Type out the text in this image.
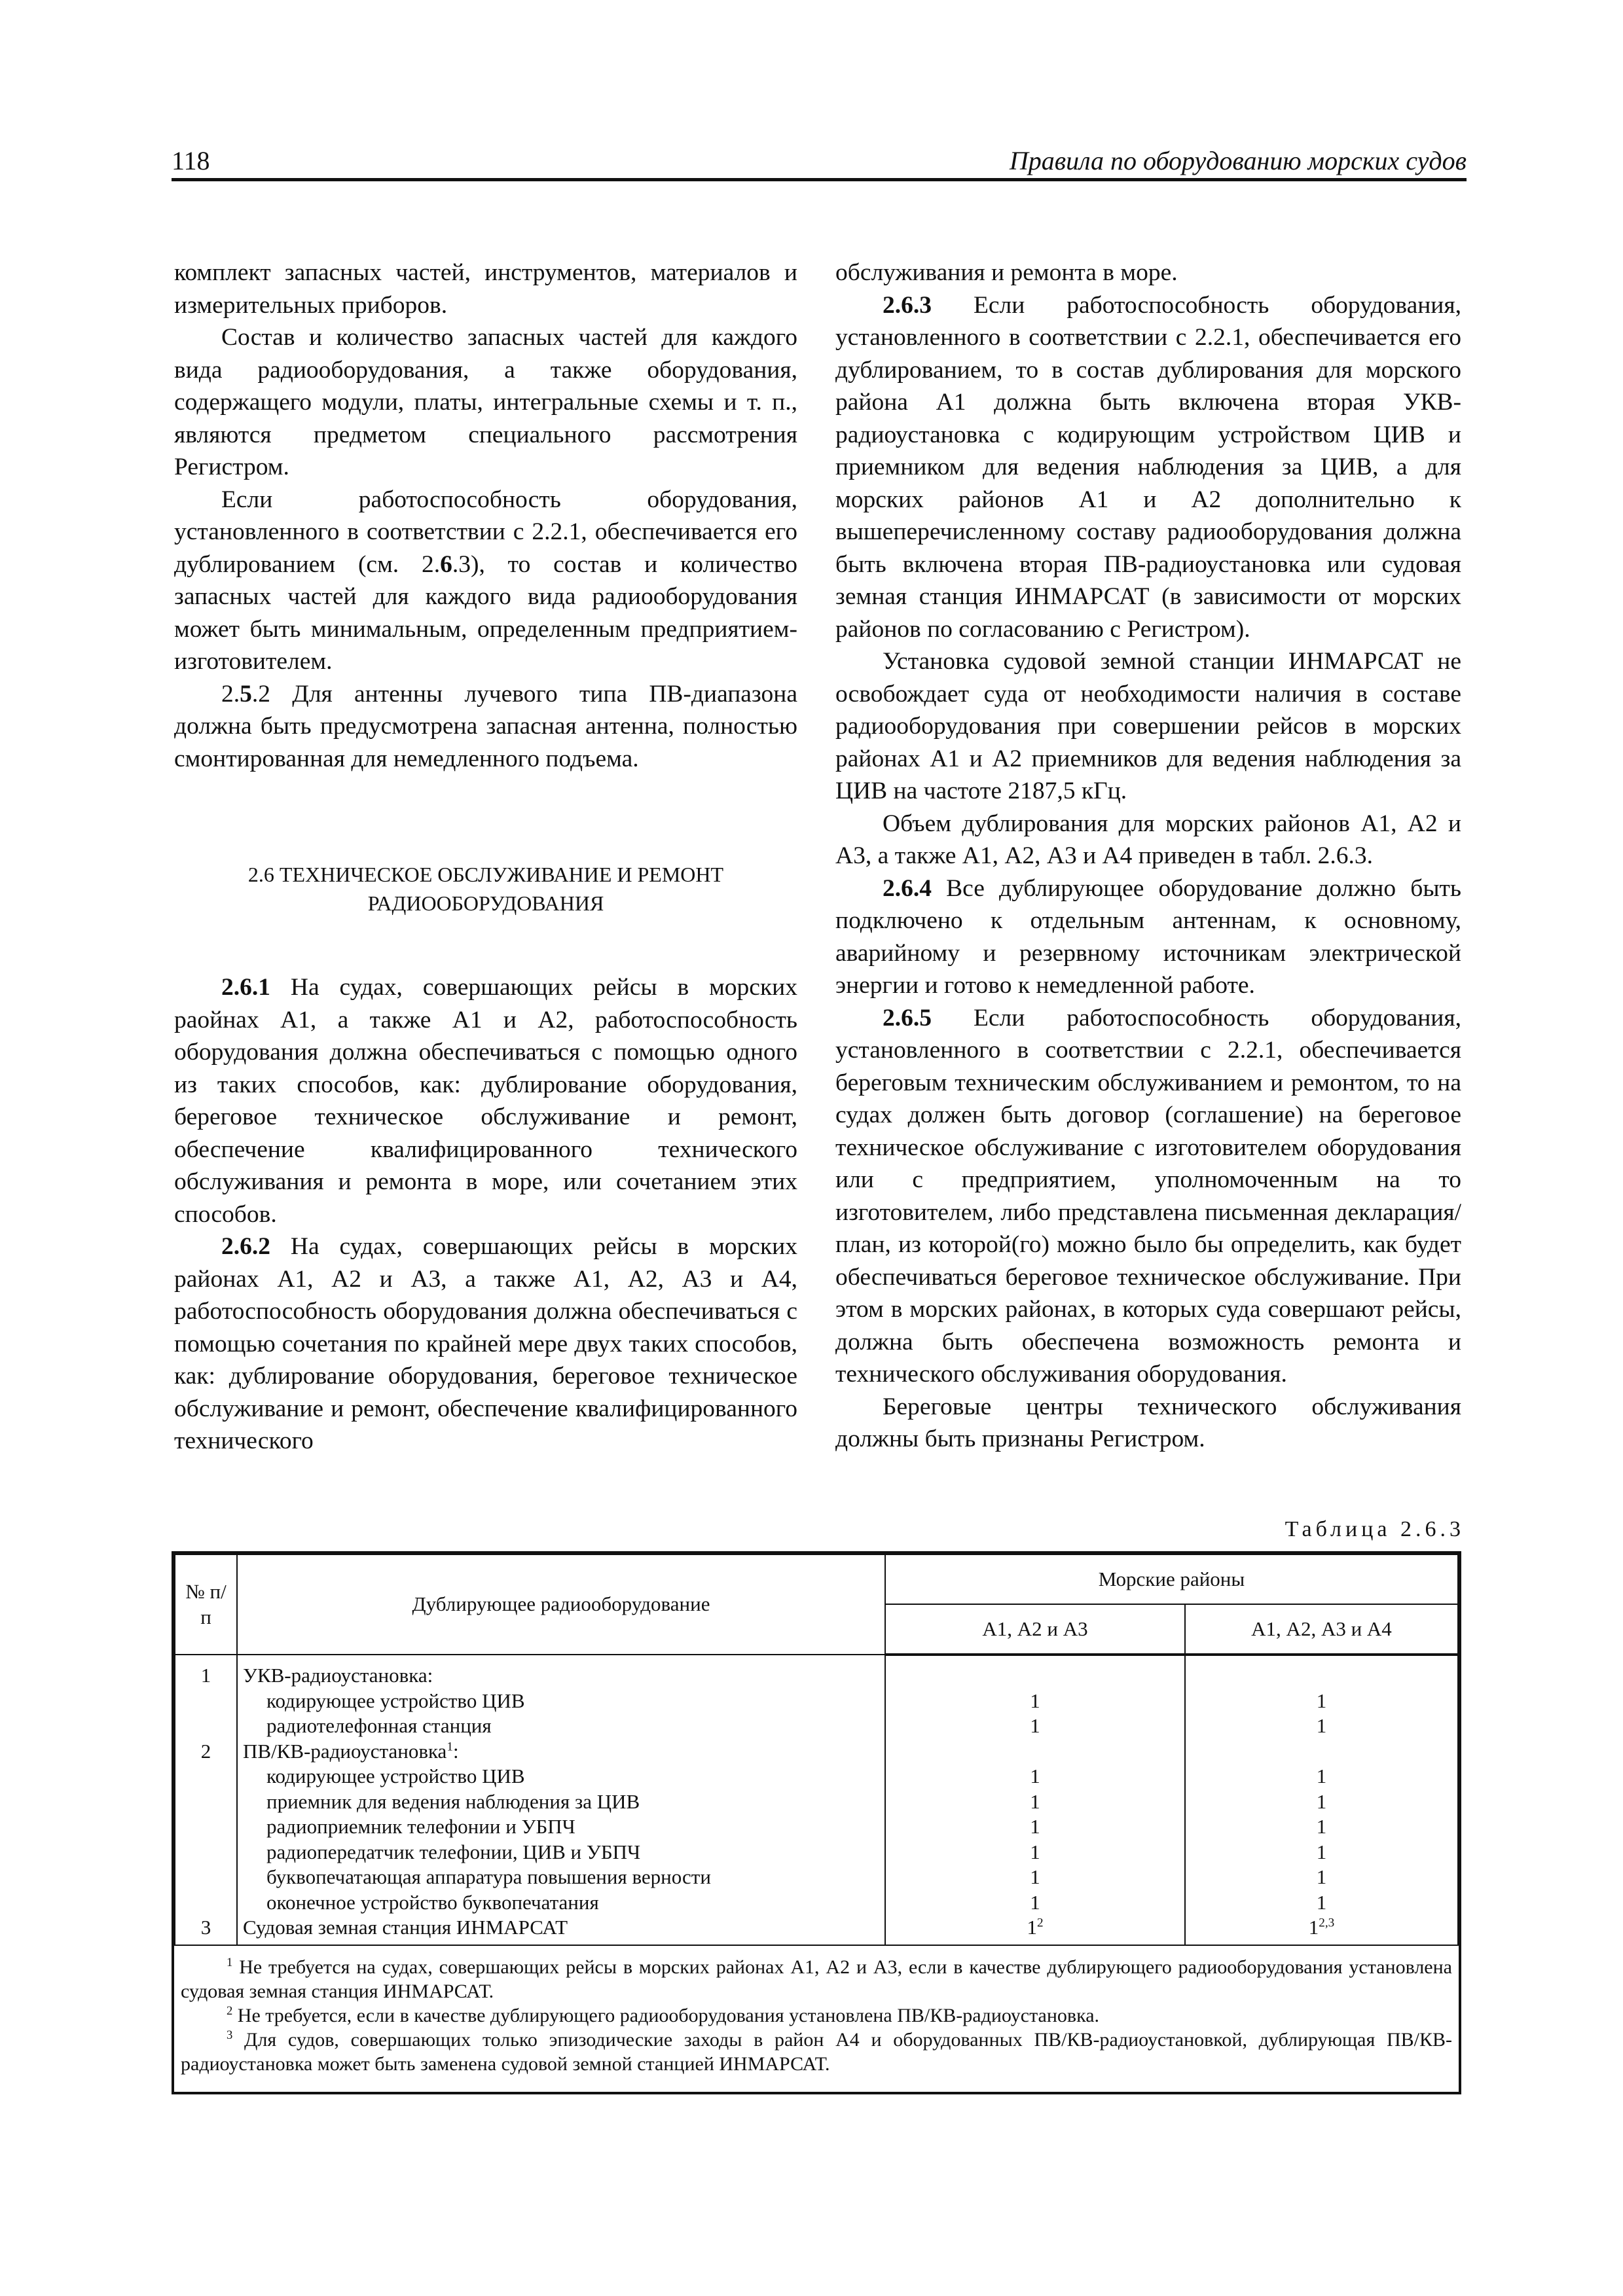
118	Правила по оборудованию морских судов

комплект запасных частей, инструментов, материалов и измерительных приборов.

Состав и количество запасных частей для каждого вида радиооборудования, а также оборудования, содержащего модули, платы, интегральные схемы и т. п., являются предметом специального рассмотрения Регистром.

Если работоспособность оборудования, установленного в соответствии с 2.2.1, обеспечивается его дублированием (см. 2.6.3), то состав и количество запасных частей для каждого вида радиооборудования может быть минимальным, определенным предприятием-изготовителем.

2.5.2 Для антенны лучевого типа ПВ-диапазона должна быть предусмотрена запасная антенна, полностью смонтированная для немедленного подъема.

2.6 ТЕХНИЧЕСКОЕ ОБСЛУЖИВАНИЕ И РЕМОНТ
РАДИООБОРУДОВАНИЯ

2.6.1 На судах, совершающих рейсы в морских раойнах А1, а также А1 и А2, работоспособность оборудования должна обеспечиваться с помощью одного из таких способов, как: дублирование оборудования, береговое техническое обслуживание и ремонт, обеспечение квалифицированного технического обслуживания и ремонта в море, или сочетанием этих способов.

2.6.2 На судах, совершающих рейсы в морских районах А1, А2 и А3, а также А1, А2, А3 и А4, работоспособность оборудования должна обеспечиваться с помощью сочетания по крайней мере двух таких способов, как: дублирование оборудования, береговое техническое обслуживание и ремонт, обеспечение квалифицированного технического

обслуживания и ремонта в море.

2.6.3 Если работоспособность оборудования, установленного в соответствии с 2.2.1, обеспечивается его дублированием, то в состав дублирования для морского района А1 должна быть включена вторая УКВ-радиоустановка с кодирующим устройством ЦИВ и приемником для ведения наблюдения за ЦИВ, а для морских районов А1 и А2 дополнительно к вышеперечисленному составу радиооборудования должна быть включена вторая ПВ-радиоустановка или судовая земная станция ИНМАРСАТ (в зависимости от морских районов по согласованию с Регистром).

Установка судовой земной станции ИНМАРСАТ не освобождает суда от необходимости наличия в составе радиооборудования при совершении рейсов в морских районах А1 и А2 приемников для ведения наблюдения за ЦИВ на частоте 2187,5 кГц.

Объем дублирования для морских районов А1, А2 и А3, а также А1, А2, А3 и А4 приведен в табл. 2.6.3.

2.6.4 Все дублирующее оборудование должно быть подключено к отдельным антеннам, к основному, аварийному и резервному источникам электрической энергии и готово к немедленной работе.

2.6.5 Если работоспособность оборудования, установленного в соответствии с 2.2.1, обеспечивается береговым техническим обслуживанием и ремонтом, то на судах должен быть договор (соглашение) на береговое техническое обслуживание с изготовителем оборудования или с предприятием, уполномоченным на то изготовителем, либо представлена письменная декларация/план, из которой(го) можно было бы определить, как будет обеспечиваться береговое техническое обслуживание. При этом в морских районах, в которых суда совершают рейсы, должна быть обеспечена возможность ремонта и технического обслуживания оборудования.

Береговые центры технического обслуживания должны быть признаны Регистром.

Таблица 2.6.3
№ п/п	Дублирующее радиооборудование	Морские районы	
		А1, А2 и А3	А1, А2, А3 и А4
1	УКВ-радиоустановка:		
	кодирующее устройство ЦИВ	1	1
	радиотелефонная станция	1	1
2	ПВ/КВ-радиоустановка$^1$:		
	кодирующее устройство ЦИВ	1	1
	приемник для ведения наблюдения за ЦИВ	1	1
	радиоприемник телефонии и УБПЧ	1	1
	радиопередатчик телефонии, ЦИВ и УБПЧ	1	1
	буквопечатающая аппаратура повышения верности	1	1
	оконечное устройство буквопечатания	1	1
3	Судовая земная станция ИНМАРСАТ	$1^2$	1$^{2,3}$

$^1$ Не требуется на судах, совершающих рейсы в морских районах А1, А2 и А3, если в качестве дублирующего радиооборудования установлена судовая земная станция ИНМАРСАТ.

$^2$ Не требуется, если в качестве дублирующего радиооборудования установлена ПВ/КВ-радиоустановка.

$^3$ Для судов, совершающих только эпизодические заходы в район А4 и оборудованных ПВ/КВ-радиоустановкой, дублирующая ПВ/КВ-радиоустановка может быть заменена судовой земной станцией ИНМАРСАТ.
